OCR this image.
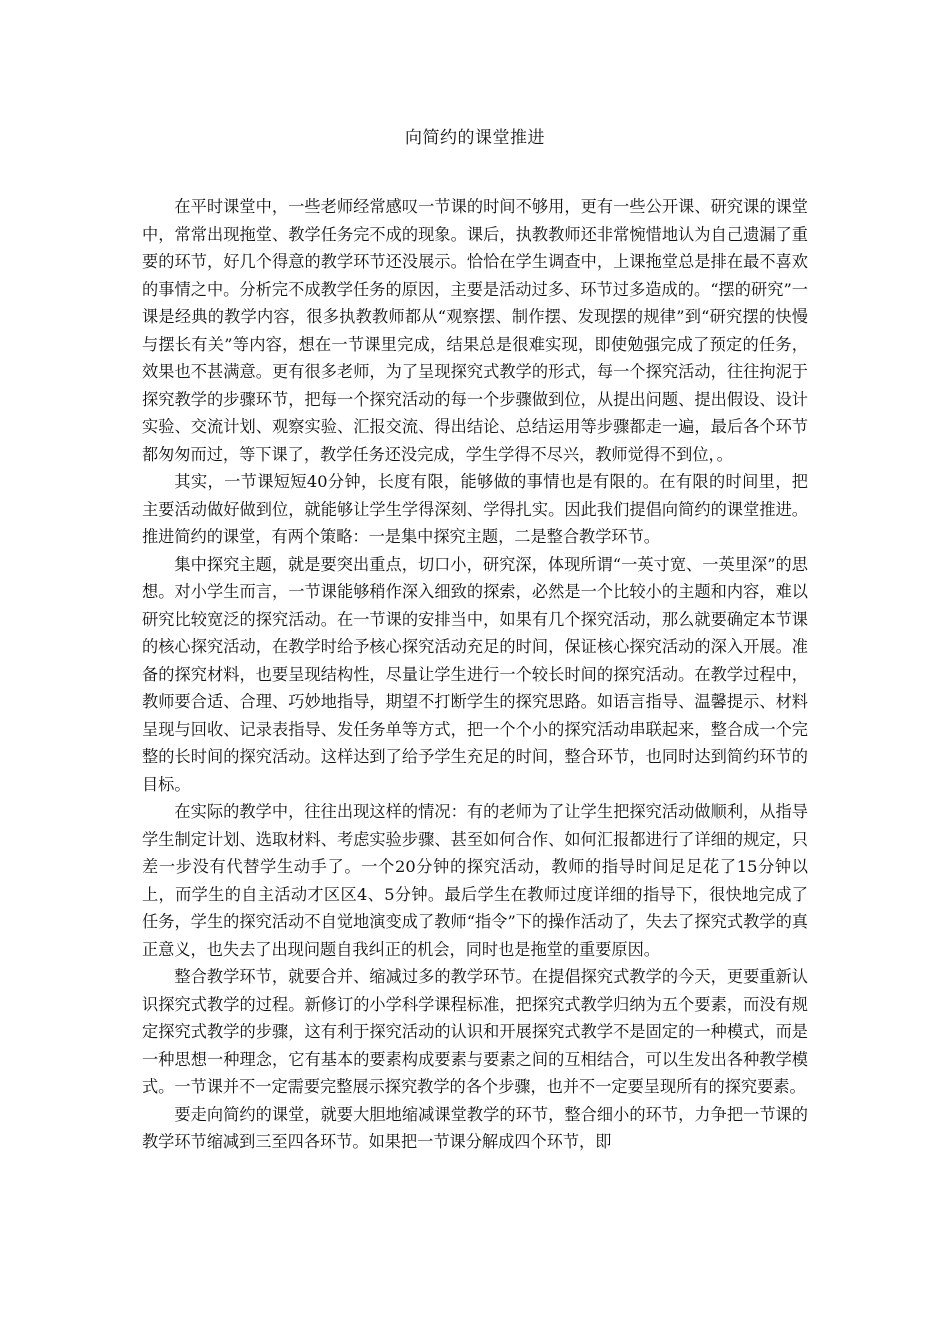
向简约的课堂推进

在平时课堂中，一些老师经常感叹一节课的时间不够用，更有一些公开课、研究课的课堂中，常常出现拖堂、教学任务完不成的现象。课后，执教教师还非常惋惜地认为自己遗漏了重要的环节，好几个得意的教学环节还没展示。恰恰在学生调查中，上课拖堂总是排在最不喜欢的事情之中。分析完不成教学任务的原因，主要是活动过多、环节过多造成的。“摆的研究”一课是经典的教学内容，很多执教教师都从“观察摆、制作摆、发现摆的规律”到“研究摆的快慢与摆长有关”等内容，想在一节课里完成，结果总是很难实现，即使勉强完成了预定的任务，效果也不甚满意。更有很多老师，为了呈现探究式教学的形式，每一个探究活动，往往拘泥于探究教学的步骤环节，把每一个探究活动的每一个步骤做到位，从提出问题、提出假设、设计实验、交流计划、观察实验、汇报交流、得出结论、总结运用等步骤都走一遍，最后各个环节都匆匆而过，等下课了，教学任务还没完成，学生学得不尽兴，教师觉得不到位，。

其实，一节课短短40分钟，长度有限，能够做的事情也是有限的。在有限的时间里，把主要活动做好做到位，就能够让学生学得深刻、学得扎实。因此我们提倡向简约的课堂推进。推进简约的课堂，有两个策略：一是集中探究主题，二是整合教学环节。

集中探究主题，就是要突出重点，切口小，研究深，体现所谓“一英寸宽、一英里深”的思想。对小学生而言，一节课能够稍作深入细致的探索，必然是一个比较小的主题和内容，难以研究比较宽泛的探究活动。在一节课的安排当中，如果有几个探究活动，那么就要确定本节课的核心探究活动，在教学时给予核心探究活动充足的时间，保证核心探究活动的深入开展。准备的探究材料，也要呈现结构性，尽量让学生进行一个较长时间的探究活动。在教学过程中，教师要合适、合理、巧妙地指导，期望不打断学生的探究思路。如语言指导、温馨提示、材料呈现与回收、记录表指导、发任务单等方式，把一个个小的探究活动串联起来，整合成一个完整的长时间的探究活动。这样达到了给予学生充足的时间，整合环节，也同时达到简约环节的目标。

在实际的教学中，往往出现这样的情况：有的老师为了让学生把探究活动做顺利，从指导学生制定计划、选取材料、考虑实验步骤、甚至如何合作、如何汇报都进行了详细的规定，只差一步没有代替学生动手了。一个20分钟的探究活动，教师的指导时间足足花了15分钟以上，而学生的自主活动才区区4、5分钟。最后学生在教师过度详细的指导下，很快地完成了任务，学生的探究活动不自觉地演变成了教师“指令”下的操作活动了，失去了探究式教学的真正意义，也失去了出现问题自我纠正的机会，同时也是拖堂的重要原因。

整合教学环节，就要合并、缩减过多的教学环节。在提倡探究式教学的今天，更要重新认识探究式教学的过程。新修订的小学科学课程标准，把探究式教学归纳为五个要素，而没有规定探究式教学的步骤，这有利于探究活动的认识和开展探究式教学不是固定的一种模式，而是一种思想一种理念，它有基本的要素构成要素与要素之间的互相结合，可以生发出各种教学模式。一节课并不一定需要完整展示探究教学的各个步骤，也并不一定要呈现所有的探究要素。

要走向简约的课堂，就要大胆地缩减课堂教学的环节，整合细小的环节，力争把一节课的教学环节缩减到三至四各环节。如果把一节课分解成四个环节，即
